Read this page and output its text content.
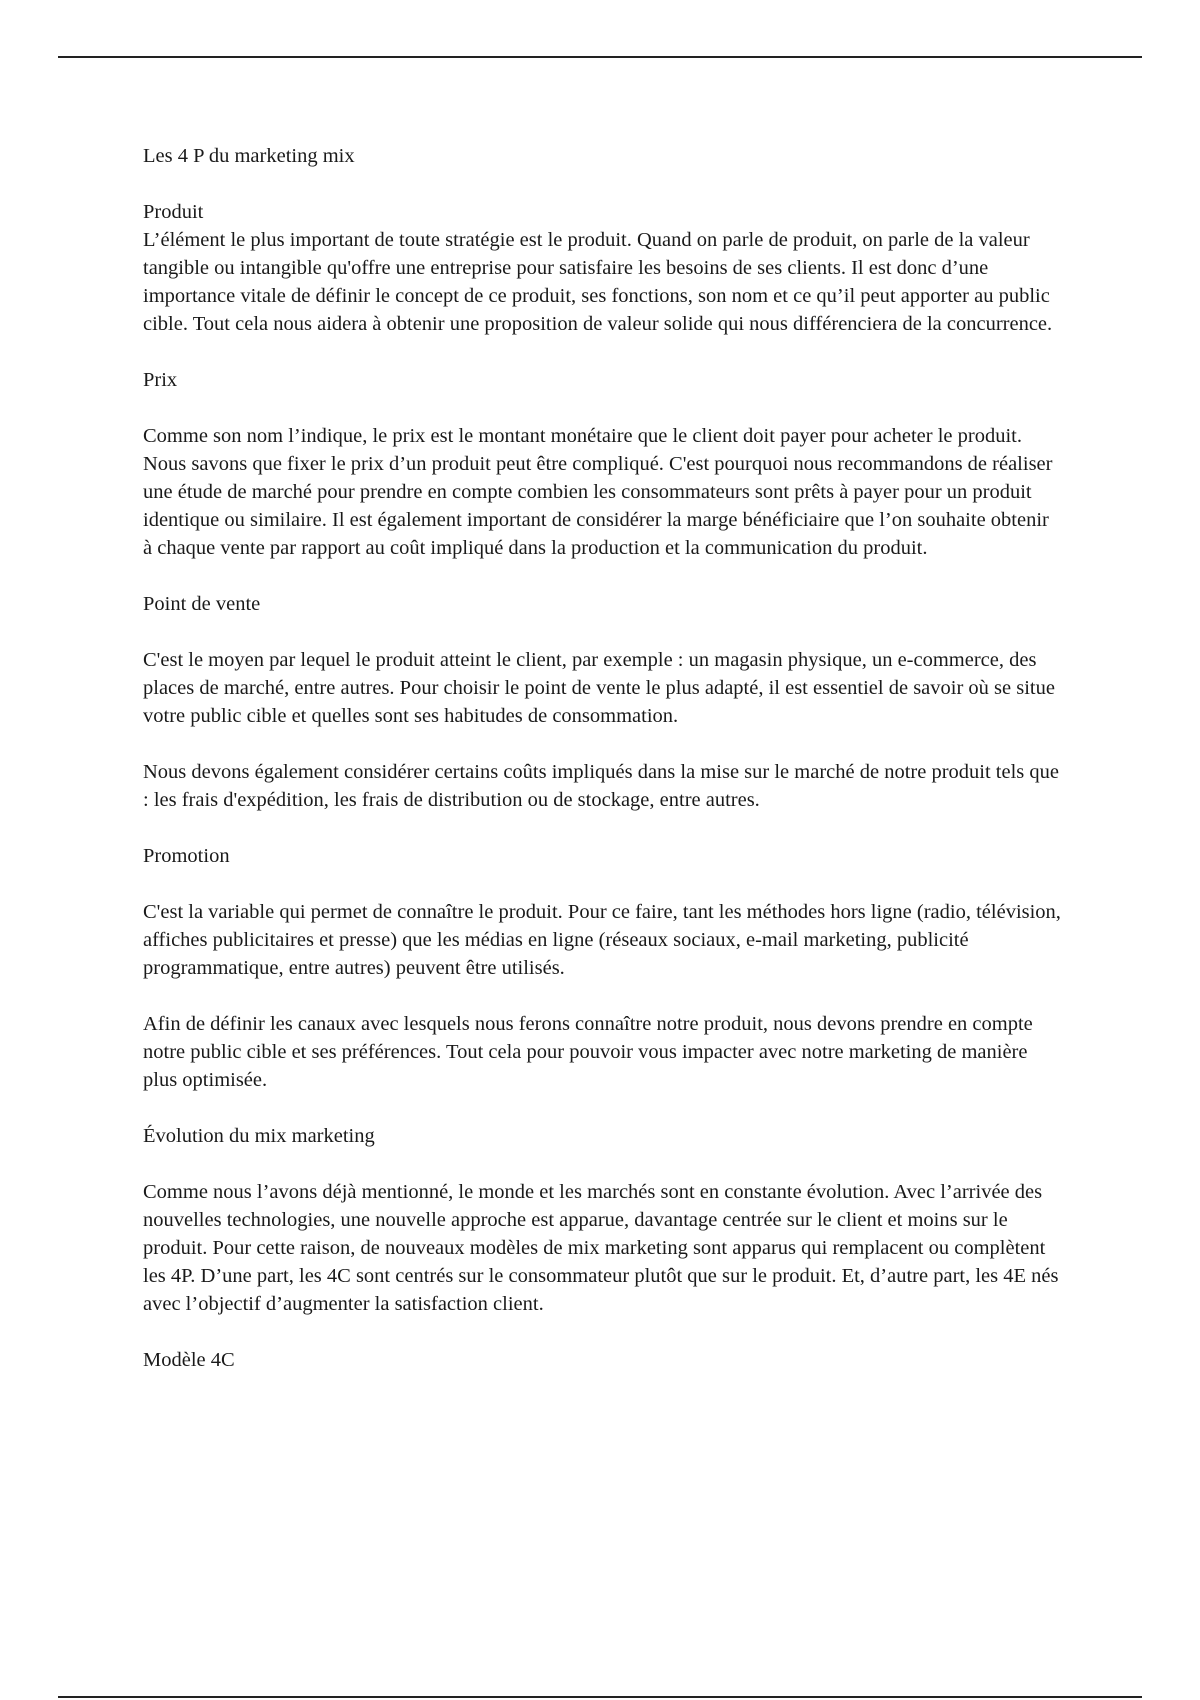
Les 4 P du marketing mix

Produit

L’élément le plus important de toute stratégie est le produit. Quand on parle de produit, on parle de la valeur tangible ou intangible qu'offre une entreprise pour satisfaire les besoins de ses clients. Il est donc d’une importance vitale de définir le concept de ce produit, ses fonctions, son nom et ce qu’il peut apporter au public cible. Tout cela nous aidera à obtenir une proposition de valeur solide qui nous différenciera de la concurrence.

Prix

Comme son nom l’indique, le prix est le montant monétaire que le client doit payer pour acheter le produit. Nous savons que fixer le prix d’un produit peut être compliqué. C'est pourquoi nous recommandons de réaliser une étude de marché pour prendre en compte combien les consommateurs sont prêts à payer pour un produit identique ou similaire. Il est également important de considérer la marge bénéficiaire que l’on souhaite obtenir à chaque vente par rapport au coût impliqué dans la production et la communication du produit.

Point de vente

C'est le moyen par lequel le produit atteint le client, par exemple : un magasin physique, un e-commerce, des places de marché, entre autres. Pour choisir le point de vente le plus adapté, il est essentiel de savoir où se situe votre public cible et quelles sont ses habitudes de consommation.

Nous devons également considérer certains coûts impliqués dans la mise sur le marché de notre produit tels que : les frais d'expédition, les frais de distribution ou de stockage, entre autres.

Promotion

C'est la variable qui permet de connaître le produit. Pour ce faire, tant les méthodes hors ligne (radio, télévision, affiches publicitaires et presse) que les médias en ligne (réseaux sociaux, e-mail marketing, publicité programmatique, entre autres) peuvent être utilisés.

Afin de définir les canaux avec lesquels nous ferons connaître notre produit, nous devons prendre en compte notre public cible et ses préférences. Tout cela pour pouvoir vous impacter avec notre marketing de manière plus optimisée.

Évolution du mix marketing

Comme nous l’avons déjà mentionné, le monde et les marchés sont en constante évolution. Avec l’arrivée des nouvelles technologies, une nouvelle approche est apparue, davantage centrée sur le client et moins sur le produit. Pour cette raison, de nouveaux modèles de mix marketing sont apparus qui remplacent ou complètent les 4P. D’une part, les 4C sont centrés sur le consommateur plutôt que sur le produit. Et, d’autre part, les 4E nés avec l’objectif d’augmenter la satisfaction client.

Modèle 4C
